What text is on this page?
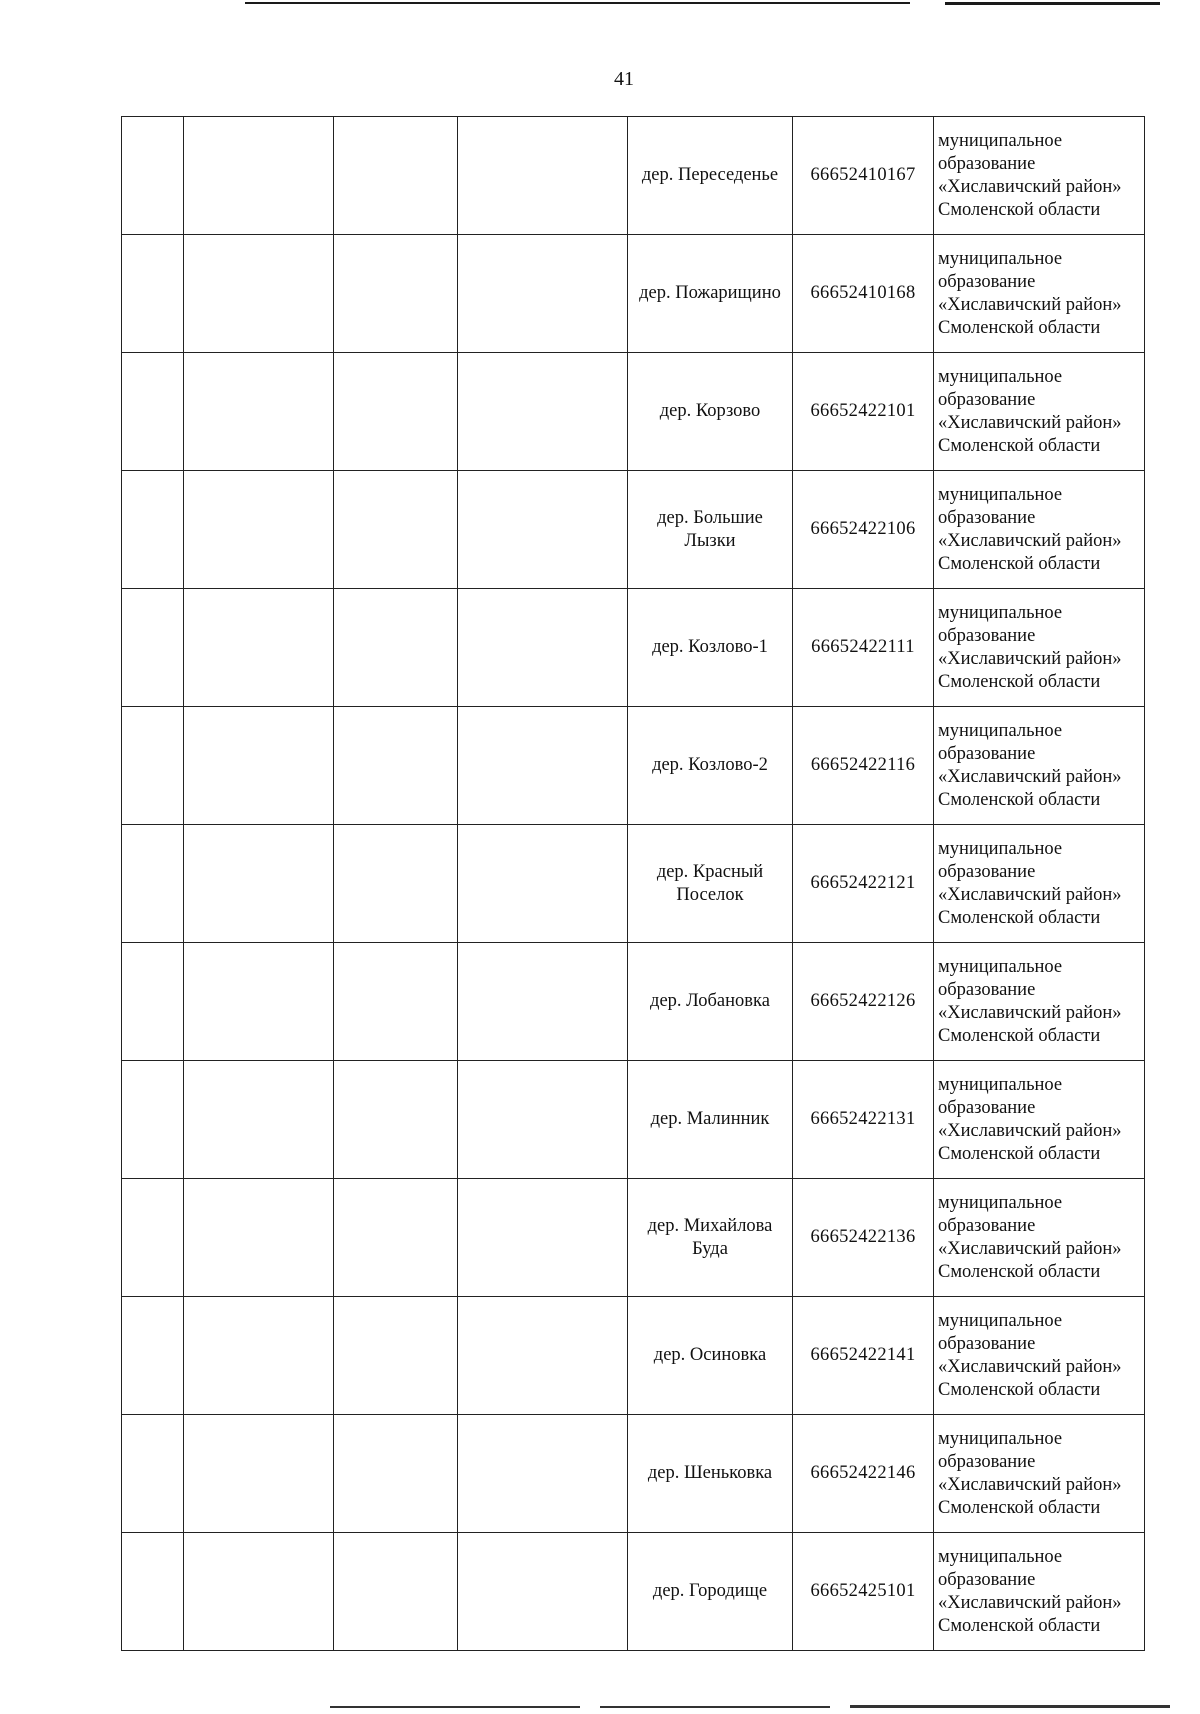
41
				дер. Переседенье	66652410167	муниципальное образование «Хиславичский район» Смоленской области
				дер. Пожарищино	66652410168	муниципальное образование «Хиславичский район» Смоленской области
				дер. Корзово	66652422101	муниципальное образование «Хиславичский район» Смоленской области
				дер. Большие Лызки	66652422106	муниципальное образование «Хиславичский район» Смоленской области
				дер. Козлово-1	66652422111	муниципальное образование «Хиславичский район» Смоленской области
				дер. Козлово-2	66652422116	муниципальное образование «Хиславичский район» Смоленской области
				дер. Красный Поселок	66652422121	муниципальное образование «Хиславичский район» Смоленской области
				дер. Лобановка	66652422126	муниципальное образование «Хиславичский район» Смоленской области
				дер. Малинник	66652422131	муниципальное образование «Хиславичский район» Смоленской области
				дер. Михайлова Буда	66652422136	муниципальное образование «Хиславичский район» Смоленской области
				дер. Осиновка	66652422141	муниципальное образование «Хиславичский район» Смоленской области
				дер. Шеньковка	66652422146	муниципальное образование «Хиславичский район» Смоленской области
				дер. Городище	66652425101	муниципальное образование «Хиславичский район» Смоленской области
